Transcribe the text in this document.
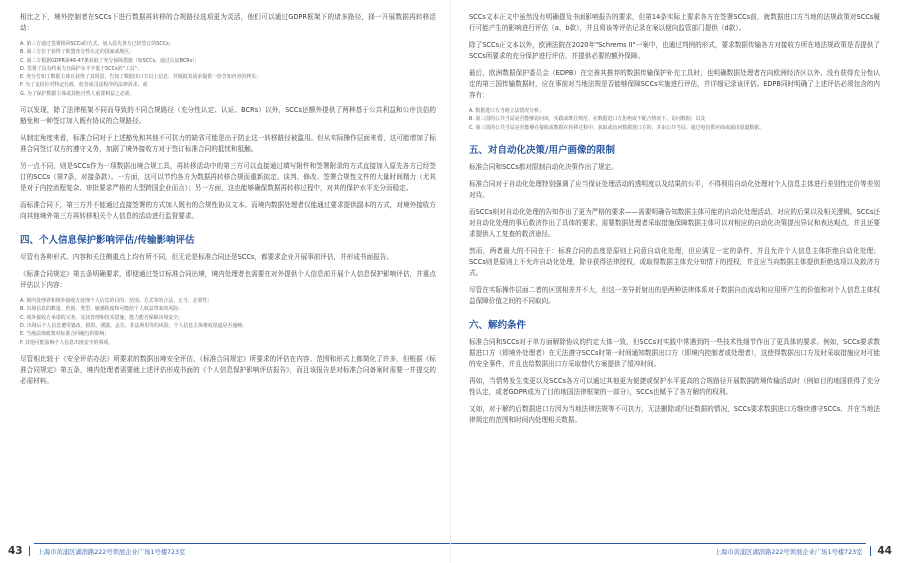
相比之下，境外控制者在SCCs下进行数据再转移的合规路径选项更为灵活，他们可以通过GDPR框架下的诸多路径，择一开展数据再转移活动：

A. 第三方通过签署相同SCCs的方式，加入原先各方已经签订的SCCs;
B. 第三方位于获得了欧盟充分性认定的国家或地区;
C. 第三方根据GDPR第46-47条获取了充分保障措施（如SCCs、通过认证BCRs）；
D. 签署了具有约束力且保护水平不低于SCCs的"工具"；
E. 充分告知了数据主体且获得了其同意，告知了数据出口方以上信息、并根据其请求提供一份告知内容的拷贝；
F. 为了支持针对特定行政、监管或司法程序的法律诉求；或
G. 为了保护数据主体或其他自然人重要利益之必需。

可以发现，除了法律框架不同而导致的不同合规路径（充分性认定、认证、BCRs）以外，SCCs还额外提供了两种基于公共利益和公序良俗的豁免和一种签订加入既有协议的合规路径。

从制定角度来看，标准合同对于上述豁免和其他不可抗力的缺省可能是出于防止这一转移路径被滥用。但从实际操作层面来看，这可能增加了标准合同签订双方的遵守义务，加剧了境外接收方对于签订标准合同的抵忧和抵触。

另一点不同，则是SCCs作为一项数据出境合规工具，再转移活动中的第三方可以直接通过填写附件和签署附录的方式直接加入原先各方已经签订的SCCs（第7条，对接条款）。一方面，这可以节约各方为数据再转移合规而重新拟定、谈判、修改、签署合规性文件的大量时间精力（尤其是对于内控流程复杂、审批要求严格的大型跨国企业而言）；另一方面，这也能够确保数据再转移过程中，对其的保护水平充分而稳定。

而标准合同下，第三方并不能通过直接签署的方式加入既有的合规性协议文本。而境内数据处理者仅能通过要求提供副本的方式，对境外接收方向其他境外第三方再转移相关个人信息的活动进行监督要求。

四、个人信息保护影响评估/传输影响评估

尽管有各种形式、内容和关注侧重点上均有所不同，但无论是标准合同还是SCCs，都要求企业开展事前评估，并形成书面报告。

《标准合同规定》第五条明确要求，即便通过签订标准合同出境，境内处理者也需要在对外提供个人信息前开展个人信息保护影响评估，并重点评估以下内容：

A. 境内处理者和境外接收方处理个人信息的目的、范围、方式等的合法、正当、必要性;
B. 出境信息的数量、范围、类型、敏感程度和可能给个人权益带来的风险;
C. 境外接收方承诺的义务、及其管理和技术措施、能力能否保障出境安全;
D. 出境后个人信息遭受篡改、损毁、泄露、丢失、非法利用等的风险，个人信息主体维权渠道是否通畅;
E. 当地法规政策对标准合同履行的影响;
F. 其他可能影响个人信息出境安全的事项。

尽管相比较于《安全评估办法》所要求的数据出境安全评估，《标准合同规定》所要求的评估在内容、范围和形式上都简化了许多，但根据《标准合同规定》第五条，境内处理者需要就上述评估形成书面的《个人信息保护影响评估报告》，而且该报告是对标准合同备案时需要一并提交的必需材料。

43 上海市黄浦区湖滨路222号领展企业广场1号楼723室

SCCs文本正文中虽然没有明确提及书面影响报告的要求，但第14条实际上要求各方在签署SCCs前，就数据进口方当地的法规政策对SCCs履行可能产生的影响进行评估（a、b款），并且将该等评估记录在案以便向监管部门提供（d款）。

除了SCCs正文本以外，欧洲法院在2020年"Schrems II"一案中，也通过判例的形式，要求数据传输各方对接收方所在地法规政策是否提供了SCCs所要求的充分保护进行评估，并提供必要的额外保障。

最后，欧洲数据保护委员会（EDPB）在完善其推荐的数据传输保护补充工具时，也明确数据处理者在向欧洲经济区以外、没有获得充分性认定的第三国传输数据时，应在事前对当地法规是否能够保障SCCs实施进行评估，并详细记录该评估。EDPB同时明确了上述评估必须包含的内容有：

A. 数据进口方当地立法情况分析；
B. 第三国的公共当局是否能够访问该，实践或既往规范、在数据进口方拒绝或不配合情况下、访问数据；以及
C. 第三国的公共当局是否能够在接收或数据在转移过程中，获取或访问数据进口方的、并由公共当局，通过电信供应商或通讯渠道数据。
五、对自动化决策/用户画像的限制

标准合同和SCCs都对限制自动化决策作出了规定。

标准合同对于自动化处理特别强调了应当保证处理活动的透明度以及结果的公平，不得利用自动化处理对个人信息主体进行差别性定价等差别对待。

而SCCs则对自动化处理的告知作出了更为严格的要求——需要明确告知数据主体可能的自动化处理活动、对应的后果以及相关逻辑。SCCs还对自动化处理的事后救济作出了具体的要求，需要数据处理者采取措施保障数据主体可以对相应的自动化决策提出异议和表达观点，并且还要求提供人工复查的救济途径。

然而，两者最大的不同在于：标准合同的态度是原则上同意自动化处理，但应满足一定的条件，并且允许个人信息主体拒绝自动化处理；SCCs则是原则上不允许自动化处理，除非获得法律授权，或取得数据主体充分知情下的授权，并且应当向数据主体提供拒绝选项以及救济方式。

尽管在实际操作层面二者的区别相差并不大，但这一差异折射出的是两种法律体系对于数据自由流动和应用所产生的价值和对个人信息主体权益保障价值之间的不同取向。

六、解约条件

标准合同和SCCs对于单方面解除协议的约定大体一致，但SCCs对实践中常遇到的一些技术性细节作出了更具体的要求。例如，SCCs要求数据进口方（即境外处理者）在无法遵守SCCs时第一时间通知数据出口方（即境内控制者或处理者），这使得数据出口方及时采取措施应对可能的安全事件，并且也给数据出口方采取替代方案提供了缓冲时间。

再如，当情势发生变更以及SCCs各方可以通过其他更为便捷或保护水平更高的合规路径开展数据跨境传输活动时（例如目的地国获得了充分性认定，或者GDPR成为了目的地国法律框架的一部分），SCCs也赋予了各方解约的权利。

又如，对于解约后数据进口方因为当地法律法规等不可抗力，无法删除或归还数据的情况，SCCs要求数据进口方继续遵守SCCs、并在当地法律规定的范围和时间内处理相关数据。

上海市黄浦区湖滨路222号领展企业广场1号楼723室 44
